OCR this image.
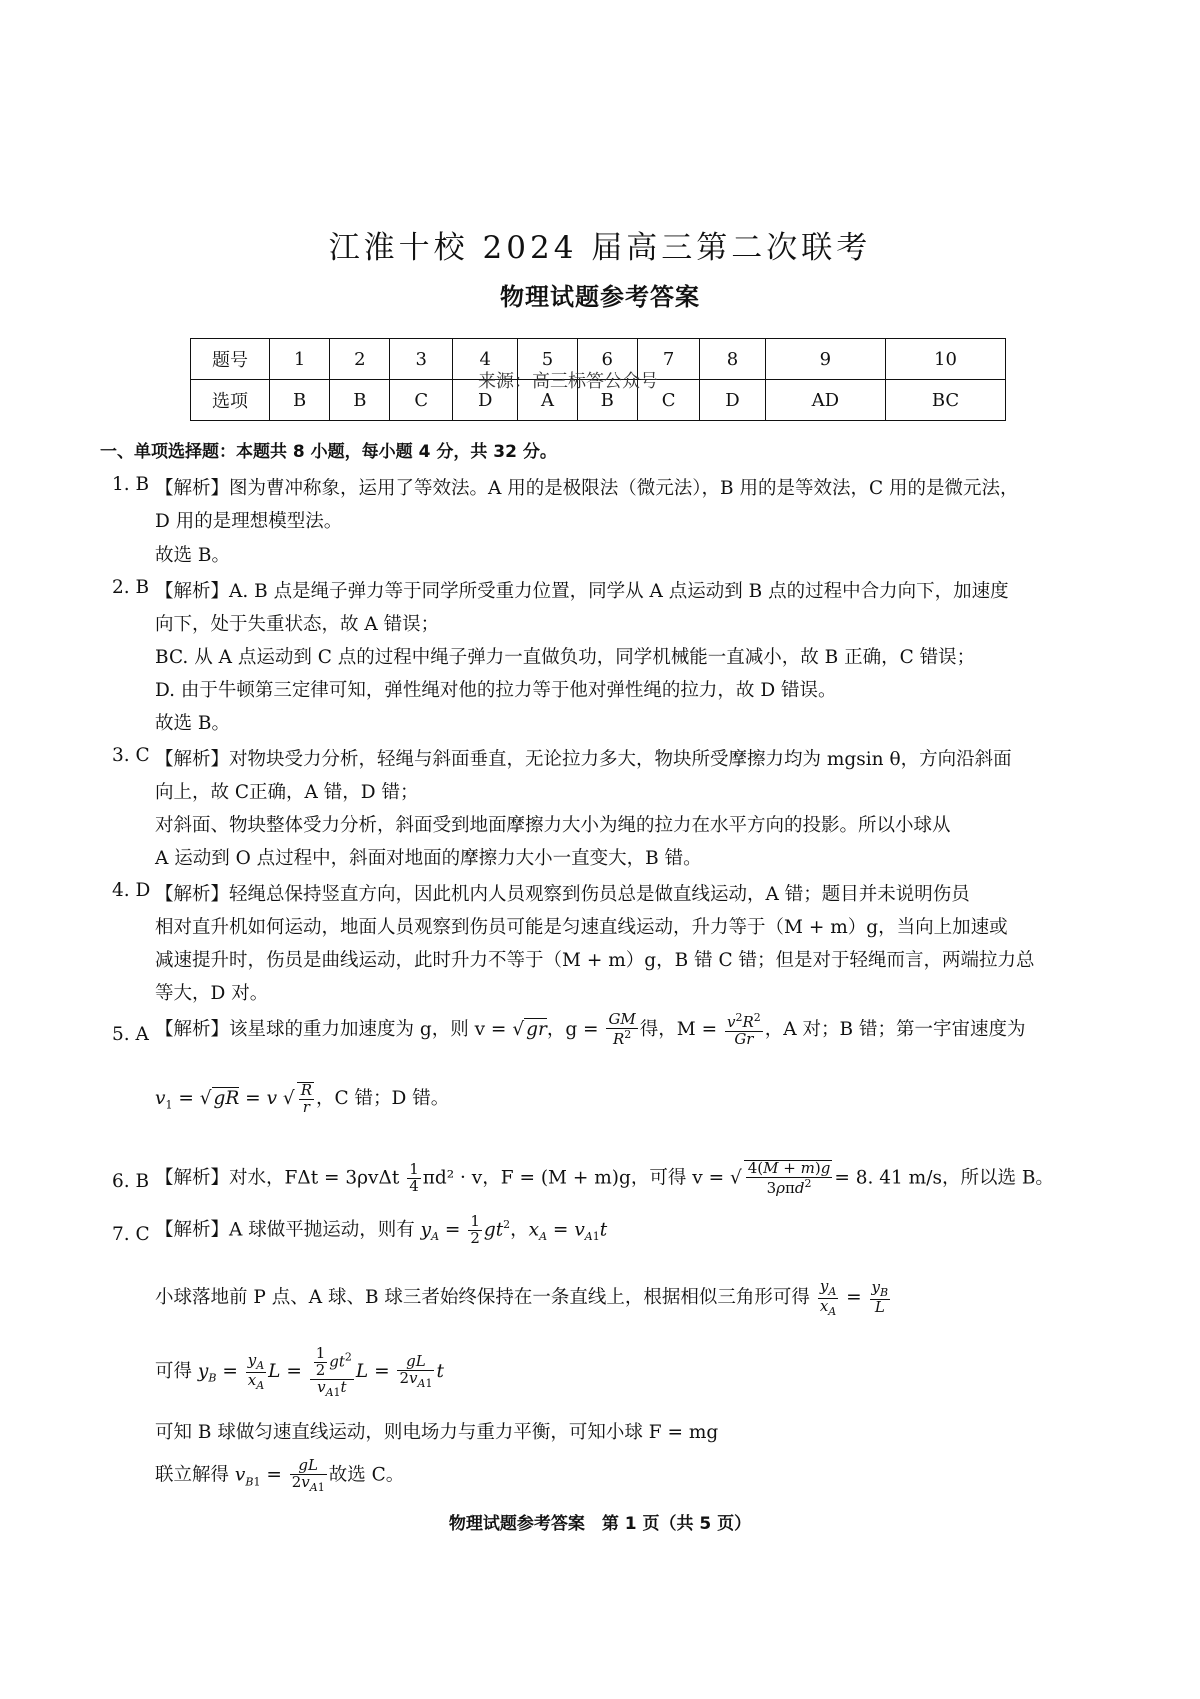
江淮十校 2024 届高三第二次联考
物理试题参考答案
题号	1	2	3	4	5	6	7	8	9	10
选项	B	B	C	D	A	B	C	D	AD	BC
来源：高三标答公众号
一、单项选择题：本题共 8 小题，每小题 4 分，共 32 分。
1. B 【解析】图为曹冲称象，运用了等效法。A 用的是极限法（微元法），B 用的是等效法，C 用的是微元法，
D 用的是理想模型法。
故选 B。
2. B 【解析】A. B 点是绳子弹力等于同学所受重力位置，同学从 A 点运动到 B 点的过程中合力向下，加速度
向下，处于失重状态，故 A 错误；
BC. 从 A 点运动到 C 点的过程中绳子弹力一直做负功，同学机械能一直减小，故 B 正确，C 错误；
D. 由于牛顿第三定律可知，弹性绳对他的拉力等于他对弹性绳的拉力，故 D 错误。
故选 B。
3. C 【解析】对物块受力分析，轻绳与斜面垂直，无论拉力多大，物块所受摩擦力均为 mgsin θ，方向沿斜面
向上，故 C正确，A 错，D 错；
对斜面、物块整体受力分析，斜面受到地面摩擦力大小为绳的拉力在水平方向的投影。所以小球从
A 运动到 O 点过程中，斜面对地面的摩擦力大小一直变大，B 错。
4. D 【解析】轻绳总保持竖直方向，因此机内人员观察到伤员总是做直线运动，A 错；题目并未说明伤员
相对直升机如何运动，地面人员观察到伤员可能是匀速直线运动，升力等于（M + m）g，当向上加速或
减速提升时，伤员是曲线运动，此时升力不等于（M + m）g，B 错 C 错；但是对于轻绳而言，两端拉力总
等大，D 对。
5. A 【解析】该星球的重力加速度为 g，则 v = √ gr，$g = \frac{GM}{R^2}$ 得，$M = \frac{v^2R^2}{Gr}$ ，A 对；B 错；第一宇宙速度为
$v_1$ = √ gR = v √ $\frac{R}{r}$ ，C 错；D 错。
6. B 【解析】对水，$F\Delta t = 3\rho v\Delta t \frac{1}{4} \pi d^2 \cdot v$，F = (M + m)g，可得 v = √ $\frac{4(M + m)g}{3\rho\pi d^2} = 8$. 41 m/s，所以选 B。
7. C 【解析】A 球做平抛运动，则有 $y_A = \frac{1}{2} gt^2$，$x_A = v_{A1}t$
小球落地前 P 点、A 球、B 球三者始终保持在一条直线上，根据相似三角形可得 $\frac{y_A}{x_A} = \frac{y_B}{L}$
可得 $y_B = \frac{y_A}{x_A}$ $L = \frac{\frac{1}{2} gt^2}{v_{A1}t}$ $L = \frac{gL}{2v_{A1}}$ t
可知 B 球做匀速直线运动，则电场力与重力平衡，可知小球 F = mg
联立解得 $v_{B1} = \frac{gL}{2v_{A1}}$ 故选 C。
物理试题参考答案　第 1 页（共 5 页）
